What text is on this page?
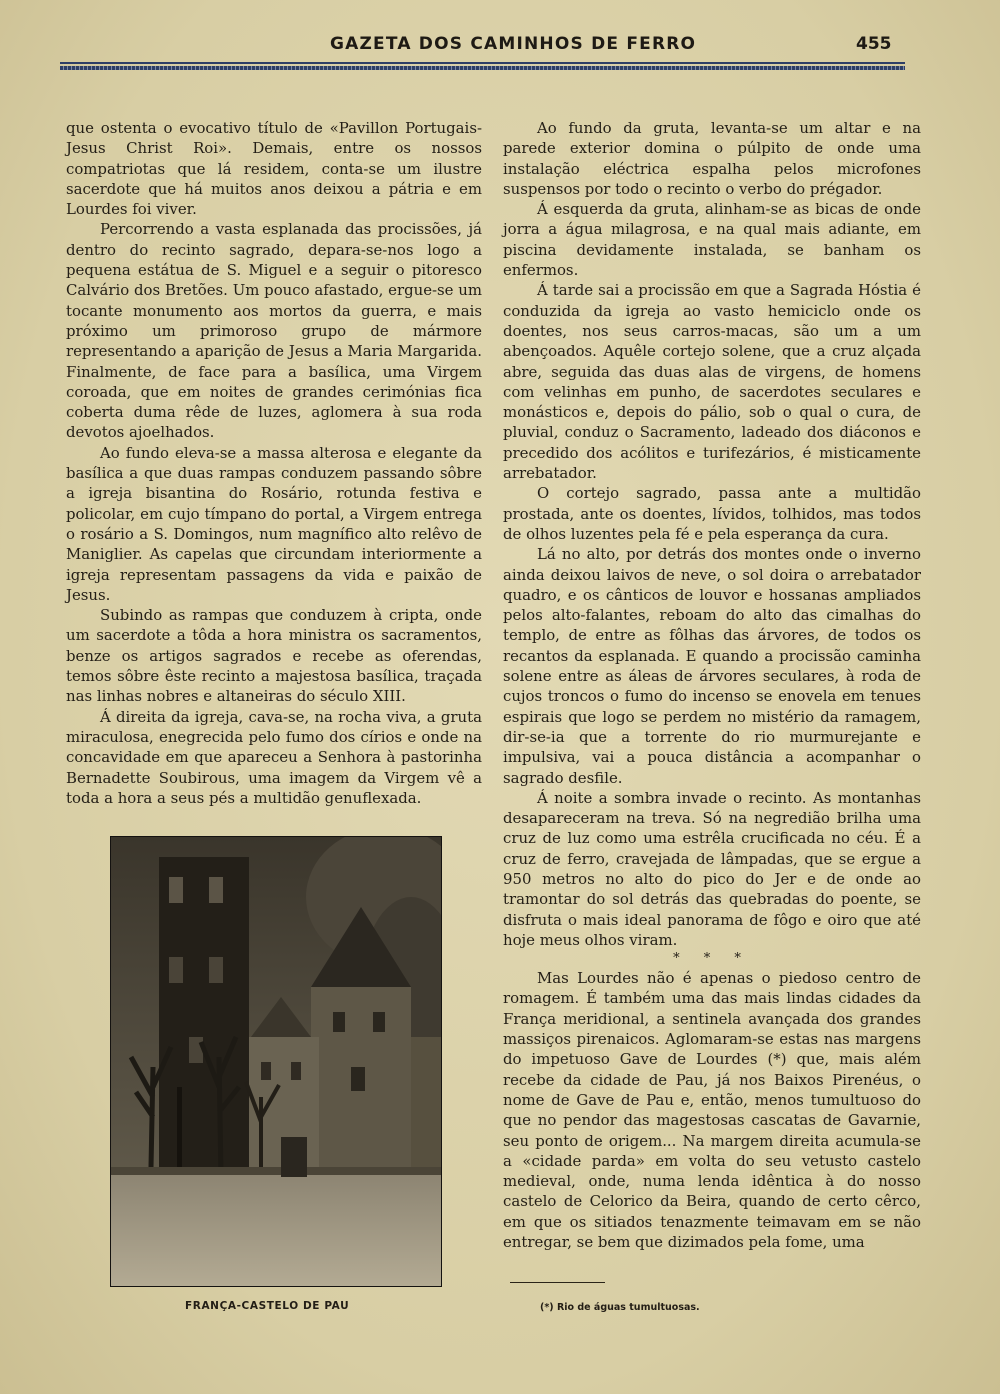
GAZETA DOS CAMINHOS DE FERRO	455

que ostenta o evocativo título de «Pavillon Portugais-Jesus Christ Roi». Demais, entre os nossos compatriotas que lá residem, conta-se um ilustre sacerdote que há muitos anos deixou a pátria e em Lourdes foi viver.

Percorrendo a vasta esplanada das procissões, já dentro do recinto sagrado, depara-se-nos logo a pequena estátua de S. Miguel e a seguir o pitoresco Calvário dos Bretões. Um pouco afastado, ergue-se um tocante monumento aos mortos da guerra, e mais próximo um primoroso grupo de mármore representando a aparição de Jesus a Maria Margarida. Finalmente, de face para a basílica, uma Virgem coroada, que em noites de grandes cerimónias fica coberta duma rêde de luzes, aglomera à sua roda devotos ajoelhados.

Ao fundo eleva-se a massa alterosa e elegante da basílica a que duas rampas conduzem passando sôbre a igreja bisantina do Rosário, rotunda festiva e policolar, em cujo tímpano do portal, a Virgem entrega o rosário a S. Domingos, num magnífico alto relêvo de Maniglier. As capelas que circundam interiormente a igreja representam passagens da vida e paixão de Jesus.

Subindo as rampas que conduzem à cripta, onde um sacerdote a tôda a hora ministra os sacramentos, benze os artigos sagrados e recebe as oferendas, temos sôbre êste recinto a majestosa basílica, traçada nas linhas nobres e altaneiras do século XIII.

Á direita da igreja, cava-se, na rocha viva, a gruta miraculosa, enegrecida pelo fumo dos círios e onde na concavidade em que apareceu a Senhora à pastorinha Bernadette Soubirous, uma imagem da Virgem vê a toda a hora a seus pés a multidão genuflexada.

FRANÇA-CASTELO DE PAU

Ao fundo da gruta, levanta-se um altar e na parede exterior domina o púlpito de onde uma instalação eléctrica espalha pelos microfones suspensos por todo o recinto o verbo do prégador.

Á esquerda da gruta, alinham-se as bicas de onde jorra a água milagrosa, e na qual mais adiante, em piscina devidamente instalada, se banham os enfermos.

Á tarde sai a procissão em que a Sagrada Hóstia é conduzida da igreja ao vasto hemiciclo onde os doentes, nos seus carros-macas, são um a um abençoados. Aquêle cortejo solene, que a cruz alçada abre, seguida das duas alas de virgens, de homens com velinhas em punho, de sacerdotes seculares e monásticos e, depois do pálio, sob o qual o cura, de pluvial, conduz o Sacramento, ladeado dos diáconos e precedido dos acólitos e turifezários, é misticamente arrebatador.

O cortejo sagrado, passa ante a multidão prostada, ante os doentes, lívidos, tolhidos, mas todos de olhos luzentes pela fé e pela esperança da cura.

Lá no alto, por detrás dos montes onde o inverno ainda deixou laivos de neve, o sol doira o arrebatador quadro, e os cânticos de louvor e hossanas ampliados pelos alto-falantes, reboam do alto das cimalhas do templo, de entre as fôlhas das árvores, de todos os recantos da esplanada. E quando a procissão caminha solene entre as áleas de árvores seculares, à roda de cujos troncos o fumo do incenso se enovela em tenues espirais que logo se perdem no mistério da ramagem, dir-se-ia que a torrente do rio murmurejante e impulsiva, vai a pouca distância a acompanhar o sagrado desfile.

Á noite a sombra invade o recinto. As montanhas desapareceram na treva. Só na negredião brilha uma cruz de luz como uma estrêla crucificada no céu. É a cruz de ferro, cravejada de lâmpadas, que se ergue a 950 metros no alto do pico do Jer e de onde ao tramontar do sol detrás das quebradas do poente, se disfruta o mais ideal panorama de fôgo e oiro que até hoje meus olhos viram.

* * *

Mas Lourdes não é apenas o piedoso centro de romagem. É também uma das mais lindas cidades da França meridional, a sentinela avançada dos grandes massiços pirenaicos. Aglomaram-se estas nas margens do impetuoso Gave de Lourdes (*) que, mais além recebe da cidade de Pau, já nos Baixos Pirenéus, o nome de Gave de Pau e, então, menos tumultuoso do que no pendor das magestosas cascatas de Gavarnie, seu ponto de origem... Na margem direita acumula-se a «cidade parda» em volta do seu vetusto castelo medieval, onde, numa lenda idêntica à do nosso castelo de Celorico da Beira, quando de certo cêrco, em que os sitiados tenazmente teimavam em se não entregar, se bem que dizimados pela fome, uma

(*) Rio de águas tumultuosas.
